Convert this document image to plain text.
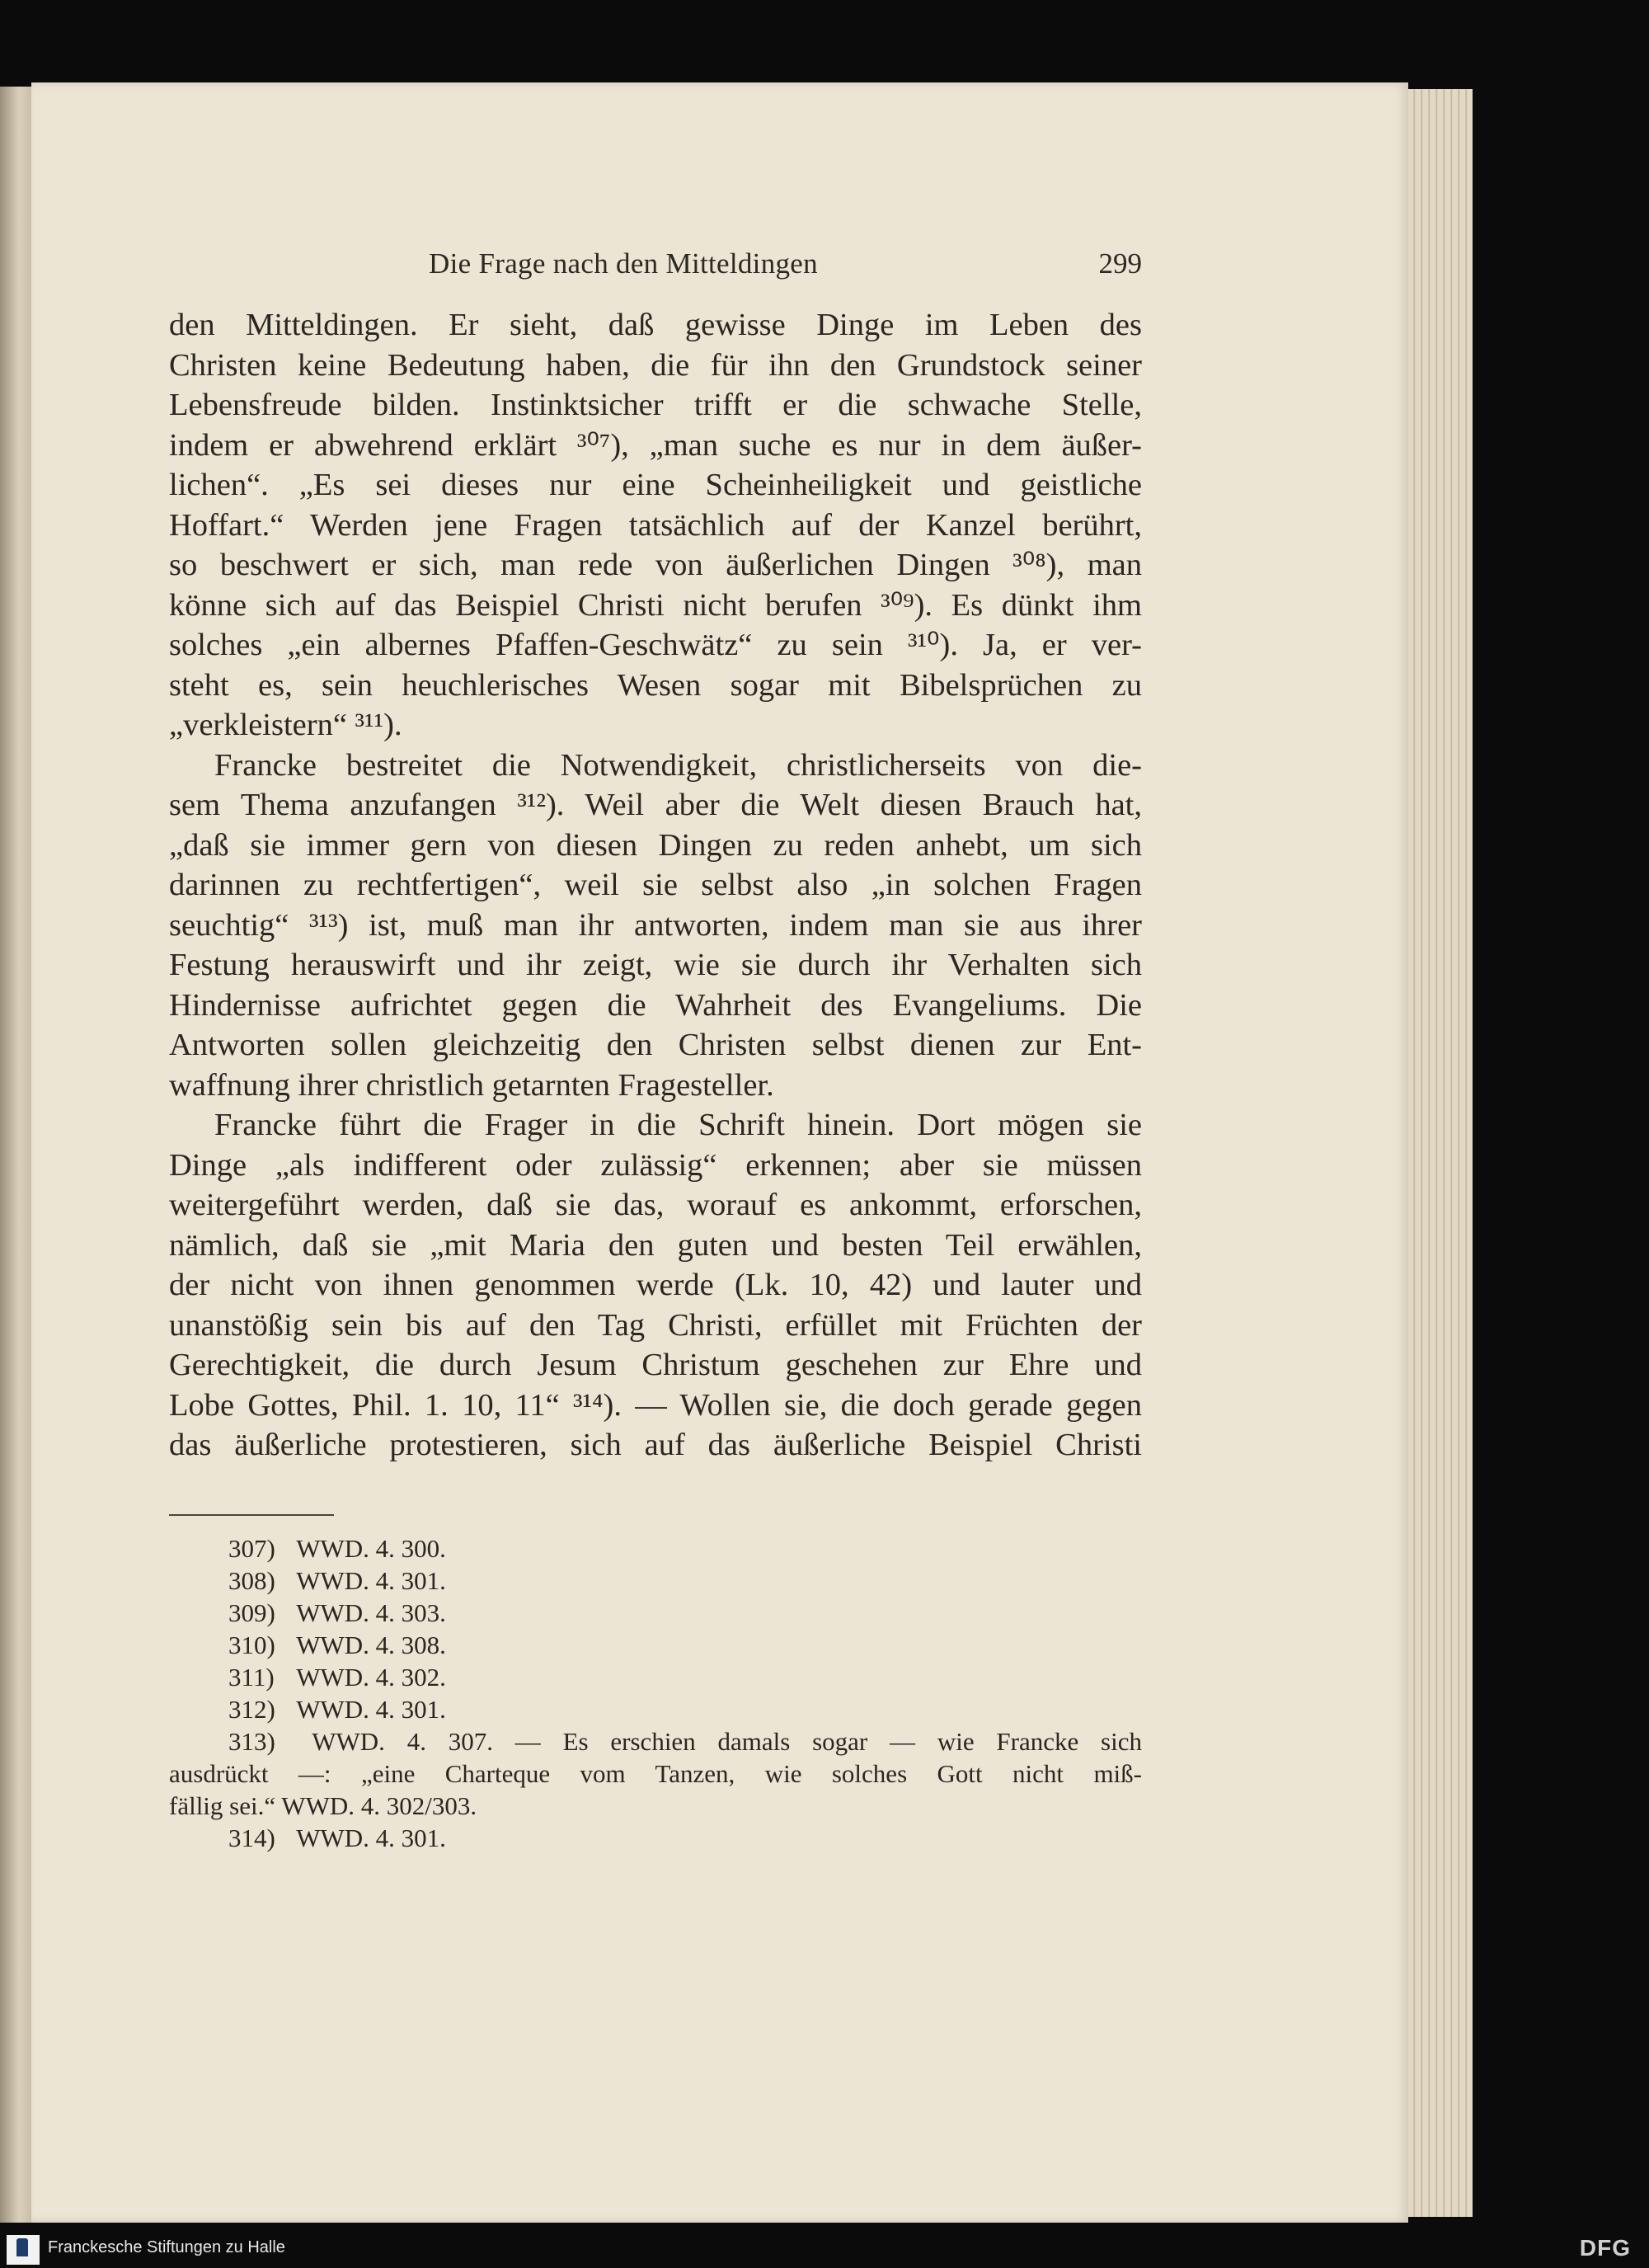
Die Frage nach den Mitteldingen	299

den Mitteldingen. Er sieht, daß gewisse Dinge im Leben des
Christen keine Bedeutung haben, die für ihn den Grundstock seiner
Lebensfreude bilden. Instinktsicher trifft er die schwache Stelle,
indem er abwehrend erklärt ³⁰⁷), „man suche es nur in dem äußer-
lichen“. „Es sei dieses nur eine Scheinheiligkeit und geistliche
Hoffart.“ Werden jene Fragen tatsächlich auf der Kanzel berührt,
so beschwert er sich, man rede von äußerlichen Dingen ³⁰⁸), man
könne sich auf das Beispiel Christi nicht berufen ³⁰⁹). Es dünkt ihm
solches „ein albernes Pfaffen-Geschwätz“ zu sein ³¹⁰). Ja, er ver-
steht es, sein heuchlerisches Wesen sogar mit Bibelsprüchen zu
„verkleistern“ ³¹¹).

Francke bestreitet die Notwendigkeit, christlicherseits von die-
sem Thema anzufangen ³¹²). Weil aber die Welt diesen Brauch hat,
„daß sie immer gern von diesen Dingen zu reden anhebt, um sich
darinnen zu rechtfertigen“, weil sie selbst also „in solchen Fragen
seuchtig“ ³¹³) ist, muß man ihr antworten, indem man sie aus ihrer
Festung herauswirft und ihr zeigt, wie sie durch ihr Verhalten sich
Hindernisse aufrichtet gegen die Wahrheit des Evangeliums. Die
Antworten sollen gleichzeitig den Christen selbst dienen zur Ent-
waffnung ihrer christlich getarnten Fragesteller.

Francke führt die Frager in die Schrift hinein. Dort mögen sie
Dinge „als indifferent oder zulässig“ erkennen; aber sie müssen
weitergeführt werden, daß sie das, worauf es ankommt, erforschen,
nämlich, daß sie „mit Maria den guten und besten Teil erwählen,
der nicht von ihnen genommen werde (Lk. 10, 42) und lauter und
unanstößig sein bis auf den Tag Christi, erfüllet mit Früchten der
Gerechtigkeit, die durch Jesum Christum geschehen zur Ehre und
Lobe Gottes, Phil. 1. 10, 11“ ³¹⁴). — Wollen sie, die doch gerade gegen
das äußerliche protestieren, sich auf das äußerliche Beispiel Christi

307) WWD. 4. 300.
308) WWD. 4. 301.
309) WWD. 4. 303.
310) WWD. 4. 308.
311) WWD. 4. 302.
312) WWD. 4. 301.
313) WWD. 4. 307. — Es erschien damals sogar — wie Francke sich
ausdrückt —: „eine Charteque vom Tanzen, wie solches Gott nicht miß-
fällig sei.“ WWD. 4. 302/303.
314) WWD. 4. 301.
Franckesche Stiftungen zu Halle	DFG
